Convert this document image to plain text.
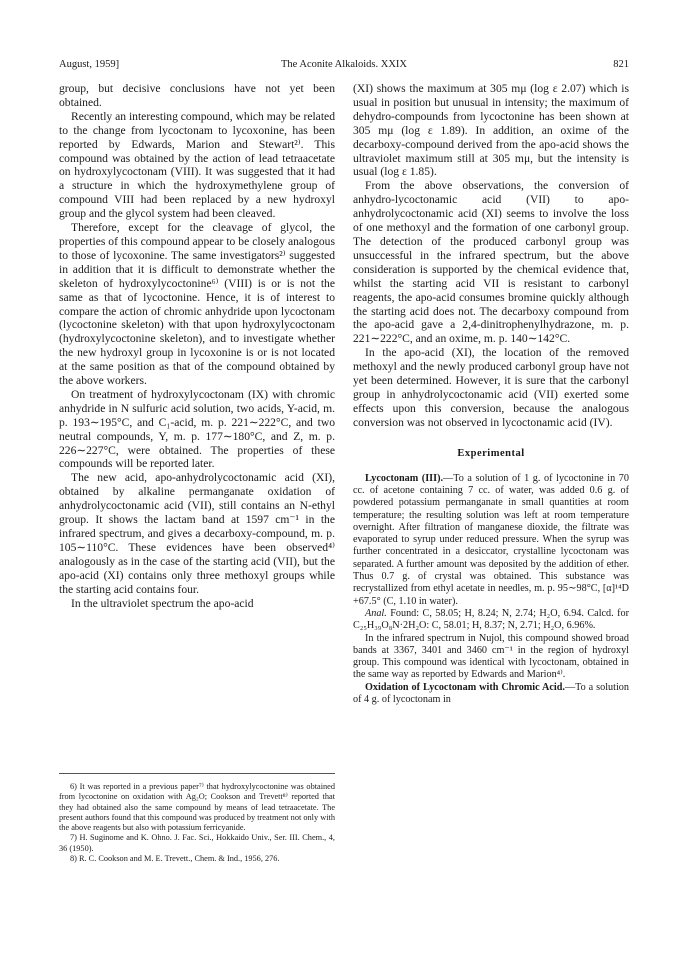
August, 1959]	The Aconite Alkaloids. XXIX	821

group, but decisive conclusions have not yet been obtained.

Recently an interesting compound, which may be related to the change from lycoctonam to lycoxonine, has been reported by Edwards, Marion and Stewart²⁾. This compound was obtained by the action of lead tetraacetate on hydroxylycoctonam (VIII). It was suggested that it had a structure in which the hydroxymethylene group of compound VIII had been replaced by a new hydroxyl group and the glycol system had been cleaved.

Therefore, except for the cleavage of glycol, the properties of this compound appear to be closely analogous to those of lycoxonine. The same investigators²⁾ suggested in addition that it is difficult to demonstrate whether the skeleton of hydroxylycoctonine⁶⁾ (VIII) is or is not the same as that of lycoctonine. Hence, it is of interest to compare the action of chromic anhydride upon lycoctonam (lycoctonine skeleton) with that upon hydroxylycoctonam (hydroxylycoctonine skeleton), and to investigate whether the new hydroxyl group in lycoxonine is or is not located at the same position as that of the compound obtained by the above workers.

On treatment of hydroxylycoctonam (IX) with chromic anhydride in N sulfuric acid solution, two acids, Y-acid, m. p. 193∼195°C, and C₁-acid, m. p. 221∼222°C, and two neutral compounds, Y, m. p. 177∼180°C, and Z, m. p. 226∼227°C, were obtained. The properties of these compounds will be reported later.

The new acid, apo-anhydrolycoctonamic acid (XI), obtained by alkaline permanganate oxidation of anhydrolycoctonamic acid (VII), still contains an N-ethyl group. It shows the lactam band at 1597 cm⁻¹ in the infrared spectrum, and gives a decarboxy-compound, m. p. 105∼110°C. These evidences have been observed⁴⁾ analogously as in the case of the starting acid (VII), but the apo-acid (XI) contains only three methoxyl groups while the starting acid contains four.

In the ultraviolet spectrum the apo-acid

6) It was reported in a previous paper⁷⁾ that hydroxylycoctonine was obtained from lycoctonine on oxidation with Ag₂O; Cookson and Trevett⁸⁾ reported that they had obtained also the same compound by means of lead tetraacetate. The present authors found that this compound was produced by treatment not only with the above reagents but also with potassium ferricyanide.

7) H. Suginome and K. Ohno. J. Fac. Sci., Hokkaido Univ., Ser. III. Chem., 4, 36 (1950).

8) R. C. Cookson and M. E. Trevett., Chem. & Ind., 1956, 276.

(XI) shows the maximum at 305 mμ (log ε 2.07) which is usual in position but unusual in intensity; the maximum of dehydro-compounds from lycoctonine has been shown at 305 mμ (log ε 1.89). In addition, an oxime of the decarboxy-compound derived from the apo-acid shows the ultraviolet maximum still at 305 mμ, but the intensity is usual (log ε 1.85).

From the above observations, the conversion of anhydro-lycoctonamic acid (VII) to apo-anhydrolycoctonamic acid (XI) seems to involve the loss of one methoxyl and the formation of one carbonyl group. The detection of the produced carbonyl group was unsuccessful in the infrared spectrum, but the above consideration is supported by the chemical evidence that, whilst the starting acid VII is resistant to carbonyl reagents, the apo-acid consumes bromine quickly although the starting acid does not. The decarboxy compound from the apo-acid gave a 2,4-dinitrophenylhydrazone, m. p. 221∼222°C, and an oxime, m. p. 140∼142°C.

In the apo-acid (XI), the location of the removed methoxyl and the newly produced carbonyl group have not yet been determined. However, it is sure that the carbonyl group in anhydrolycoctonamic acid (VII) exerted some effects upon this conversion, because the analogous conversion was not observed in lycoctonamic acid (IV).

Experimental

Lycoctonam (III).—To a solution of 1 g. of lycoctonine in 70 cc. of acetone containing 7 cc. of water, was added 0.6 g. of powdered potassium permanganate in small quantities at room temperature; the resulting solution was left at room temperature overnight. After filtration of manganese dioxide, the filtrate was evaporated to syrup under reduced pressure. When the syrup was further concentrated in a desiccator, crystalline lycoctonam was separated. A further amount was deposited by the addition of ether. Thus 0.7 g. of crystal was obtained. This substance was recrystallized from ethyl acetate in needles, m. p. 95∼98°C, [α]¹⁴D +67.5° (C, 1.10 in water).

Anal. Found: C, 58.05; H, 8.24; N, 2.74; H₂O, 6.94. Calcd. for C₂₅H₃₉O₈N·2H₂O: C, 58.01; H, 8.37; N, 2.71; H₂O, 6.96%.

In the infrared spectrum in Nujol, this compound showed broad bands at 3367, 3401 and 3460 cm⁻¹ in the region of hydroxyl group. This compound was identical with lycoctonam, obtained in the same way as reported by Edwards and Marion⁴⁾.

Oxidation of Lycoctonam with Chromic Acid.—To a solution of 4 g. of lycoctonam in
